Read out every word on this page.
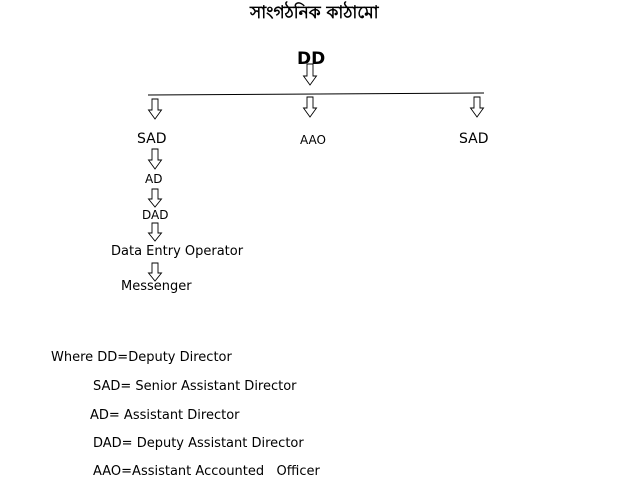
সাংগঠনিক কাঠামো
DD
SAD	AAO	SAD
AD
DAD
Data Entry Operator
Messenger
Where DD=Deputy Director
SAD= Senior Assistant Director
AD= Assistant Director
DAD= Deputy Assistant Director
AAO=Assistant Accounted   Officer
